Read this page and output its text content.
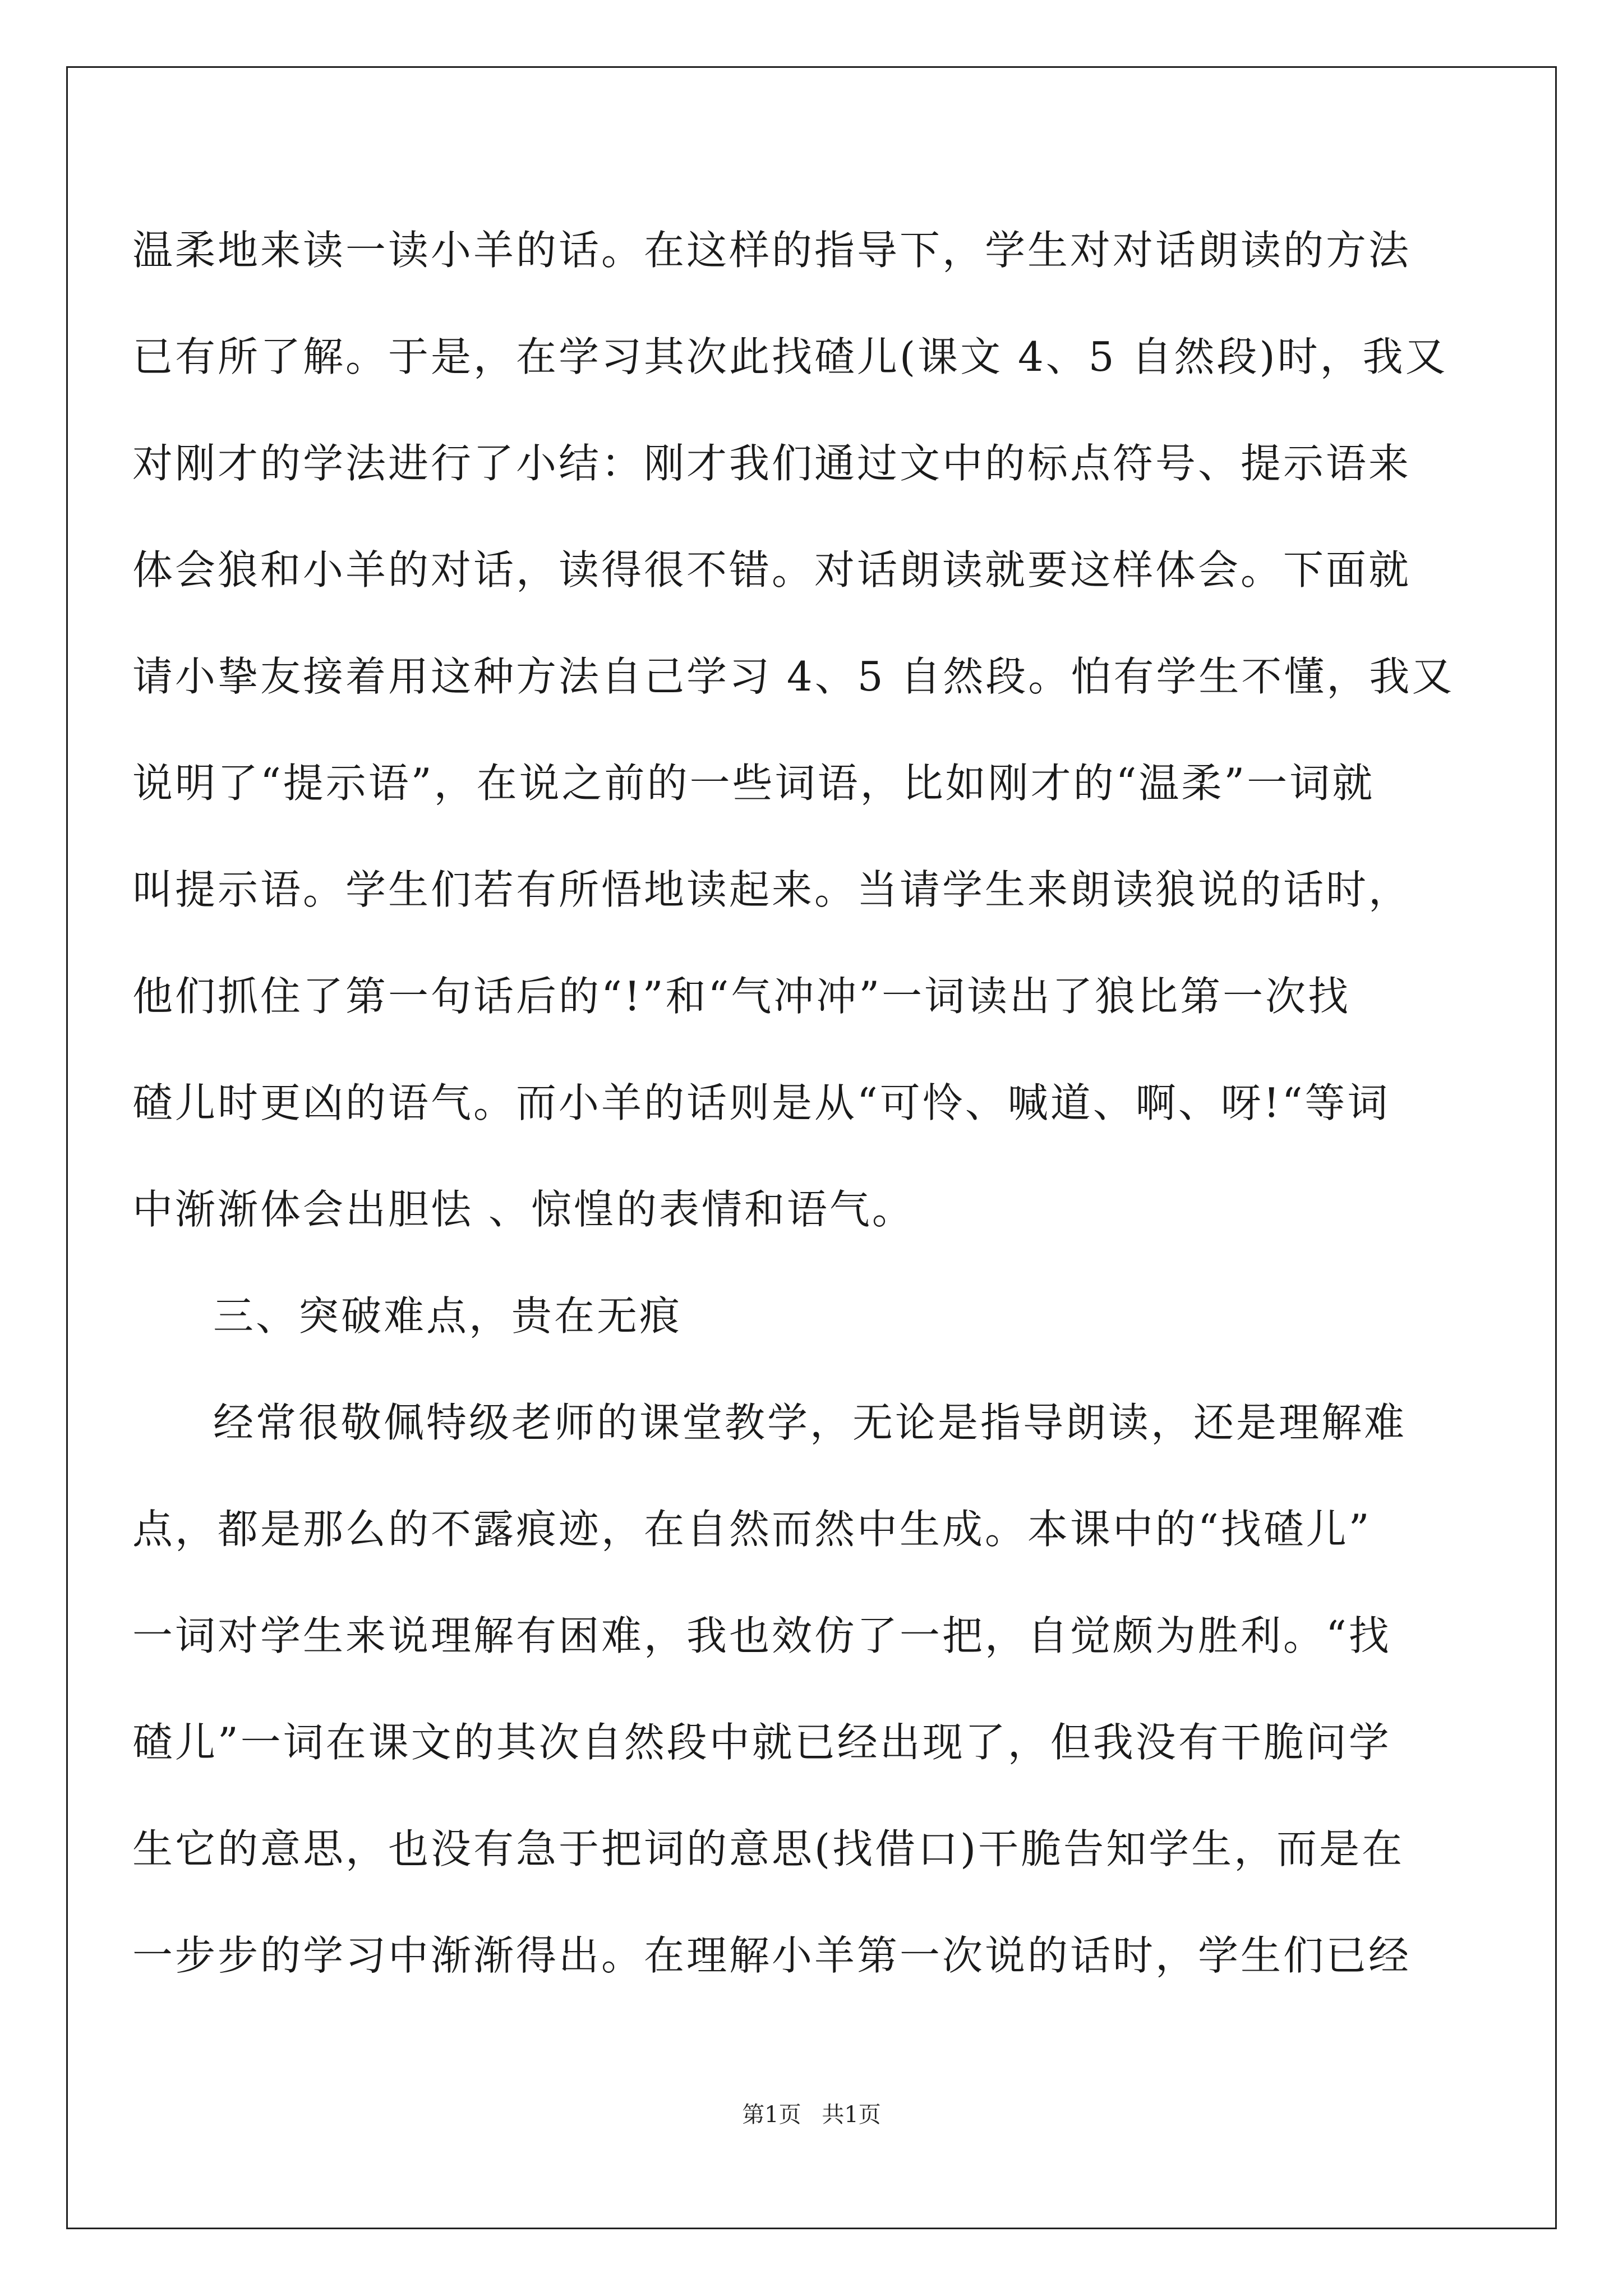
温柔地来读一读小羊的话。在这样的指导下，学生对对话朗读的方法
已有所了解。于是，在学习其次此找碴儿(课文 4、5 自然段)时，我又
对刚才的学法进行了小结：刚才我们通过文中的标点符号、提示语来
体会狼和小羊的对话，读得很不错。对话朗读就要这样体会。下面就
请小挚友接着用这种方法自己学习 4、5 自然段。怕有学生不懂，我又
说明了“提示语”，在说之前的一些词语，比如刚才的“温柔”一词就
叫提示语。学生们若有所悟地读起来。当请学生来朗读狼说的话时，
他们抓住了第一句话后的“!”和“气冲冲”一词读出了狼比第一次找
碴儿时更凶的语气。而小羊的话则是从“可怜、喊道、啊、呀!“等词
中渐渐体会出胆怯 、惊惶的表情和语气。
三、突破难点，贵在无痕
经常很敬佩特级老师的课堂教学，无论是指导朗读，还是理解难
点，都是那么的不露痕迹，在自然而然中生成。本课中的“找碴儿”
一词对学生来说理解有困难，我也效仿了一把，自觉颇为胜利。“找
碴儿”一词在课文的其次自然段中就已经出现了，但我没有干脆问学
生它的意思，也没有急于把词的意思(找借口)干脆告知学生，而是在
一步步的学习中渐渐得出。在理解小羊第一次说的话时，学生们已经
第1页 共1页
